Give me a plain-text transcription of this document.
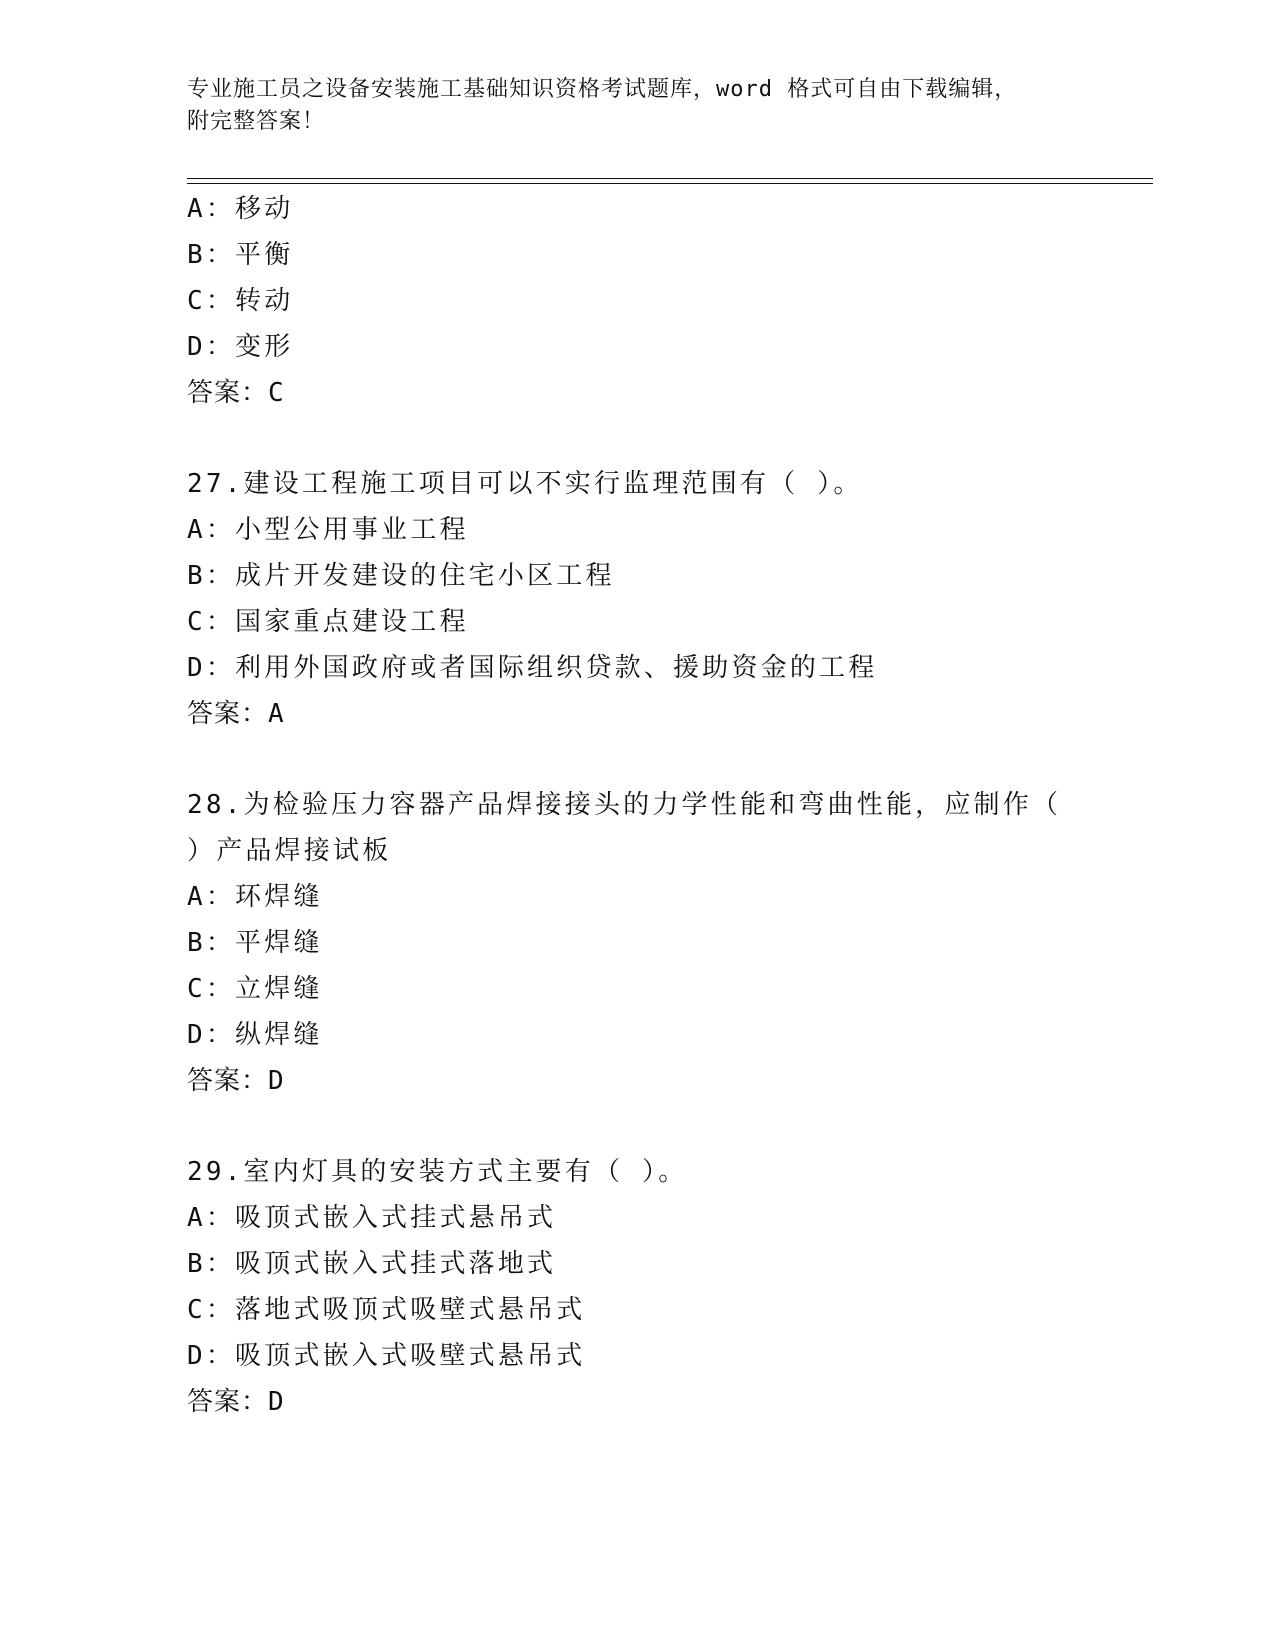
专业施工员之设备安装施工基础知识资格考试题库，word 格式可自由下载编辑，
附完整答案！
A：移动
B：平衡
C：转动
D：变形
答案：C
27.建设工程施工项目可以不实行监理范围有（ ）。
A：小型公用事业工程
B：成片开发建设的住宅小区工程
C：国家重点建设工程
D：利用外国政府或者国际组织贷款、援助资金的工程
答案：A
28.为检验压力容器产品焊接接头的力学性能和弯曲性能，应制作（
）产品焊接试板
A：环焊缝
B：平焊缝
C：立焊缝
D：纵焊缝
答案：D
29.室内灯具的安装方式主要有（ ）。
A：吸顶式嵌入式挂式悬吊式
B：吸顶式嵌入式挂式落地式
C：落地式吸顶式吸壁式悬吊式
D：吸顶式嵌入式吸壁式悬吊式
答案：D
